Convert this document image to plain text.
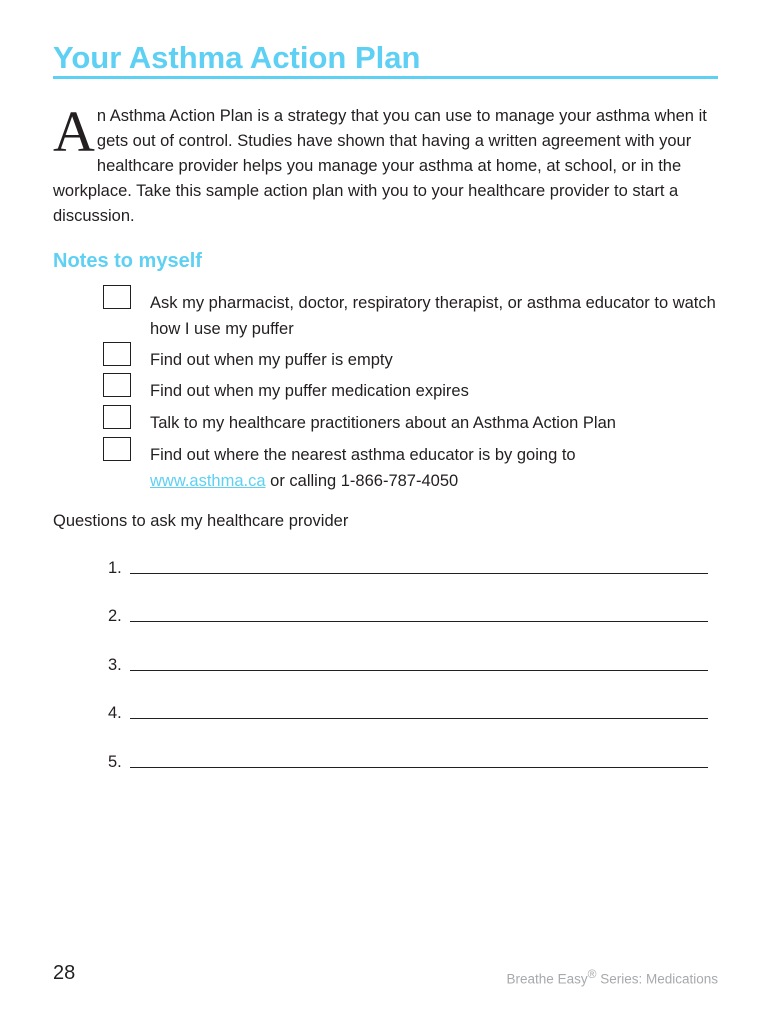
Your Asthma Action Plan

An Asthma Action Plan is a strategy that you can use to manage your asthma when it gets out of control. Studies have shown that having a written agreement with your healthcare provider helps you manage your asthma at home, at school, or in the workplace. Take this sample action plan with you to your healthcare provider to start a discussion.

Notes to myself
Ask my pharmacist, doctor, respiratory therapist, or asthma educator to watch how I use my puffer
Find out when my puffer is empty
Find out when my puffer medication expires
Talk to my healthcare practitioners about an Asthma Action Plan
Find out where the nearest asthma educator is by going to
www.asthma.ca or calling 1-866-787-4050

Questions to ask my healthcare provider

1.
2.
3.
4.
5.
28	Breathe Easy® Series: Medications
